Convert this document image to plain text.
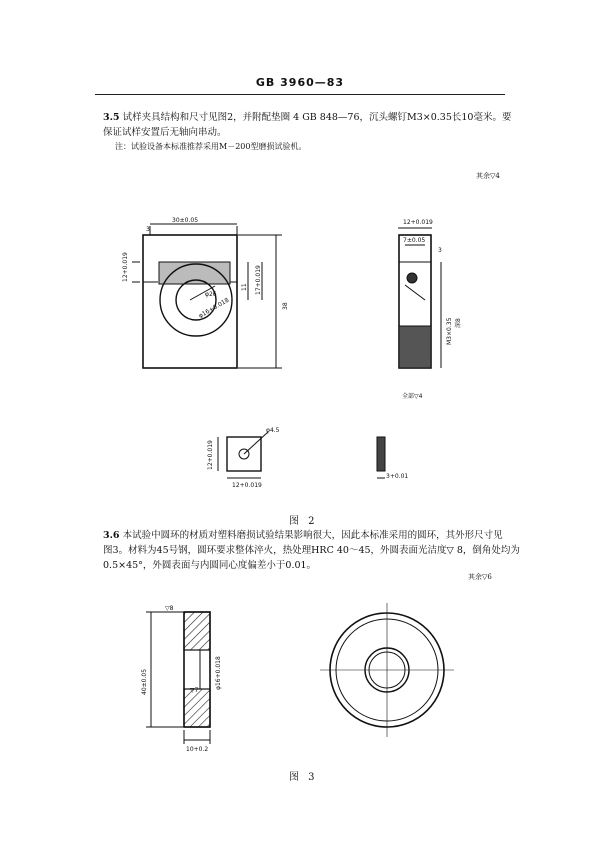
GB 3960—83
3.5 试样夹具结构和尺寸见图2，并附配垫圈 4 GB 848—76，沉头螺钉M3×0.35长10毫米。要
保证试样安置后无轴向串动。
注：试验设备本标准推荐采用M－200型磨损试验机。
其余▽4
3
30±0.05
12+0.019
11 17+0.019
38
φ16+0.018
φ26
12+0.019
7±0.05
3
M3×0.35 深8
全部▽4
φ4.5
12+0.019
12+0.019
3+0.01
图 2
3.6 本试验中圆环的材质对塑料磨损试验结果影响很大，因此本标准采用的圆环，其外形尺寸见
图3。材料为45号钢，圆环要求整体淬火，热处理HRC 40～45，外圆表面光洁度▽ 8，倒角处均为
0.5×45°，外圆表面与内圆同心度偏差小于0.01。
其余▽6
▽8
▽7
40±0.05	φ16+0.018
10+0.2
图 3
